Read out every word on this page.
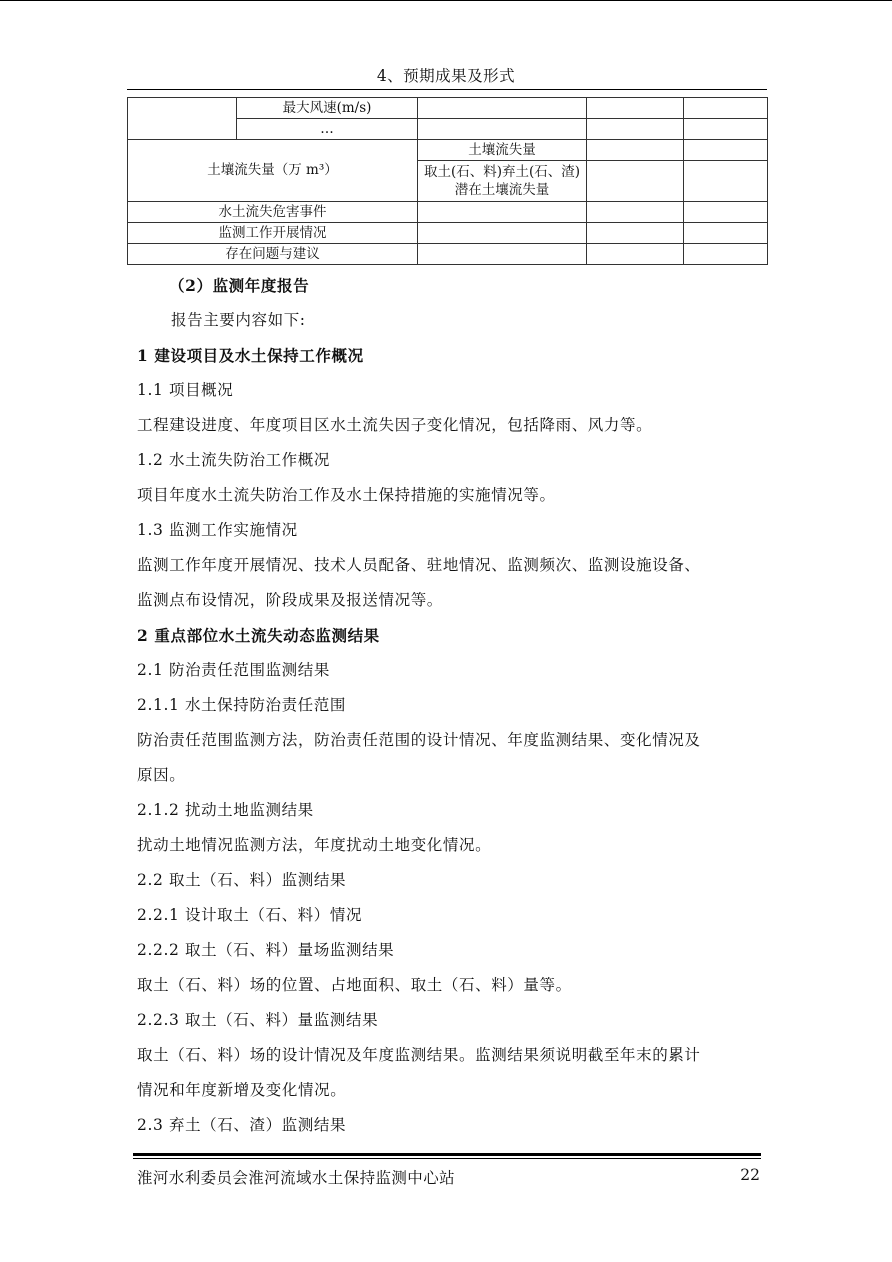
4、预期成果及形式
	最大风速(m/s)			
	…			
土壤流失量（万 m³）		土壤流失量		
		取土(石、料)弃土(石、渣)潜在土壤流失量		
水土流失危害事件				
监测工作开展情况				
存在问题与建议				
（2）监测年度报告
报告主要内容如下:
1 建设项目及水土保持工作概况
1.1 项目概况
工程建设进度、年度项目区水土流失因子变化情况，包括降雨、风力等。
1.2 水土流失防治工作概况
项目年度水土流失防治工作及水土保持措施的实施情况等。
1.3 监测工作实施情况
监测工作年度开展情况、技术人员配备、驻地情况、监测频次、监测设施设备、
监测点布设情况，阶段成果及报送情况等。
2 重点部位水土流失动态监测结果
2.1 防治责任范围监测结果
2.1.1 水土保持防治责任范围
防治责任范围监测方法，防治责任范围的设计情况、年度监测结果、变化情况及
原因。
2.1.2 扰动土地监测结果
扰动土地情况监测方法，年度扰动土地变化情况。
2.2 取土（石、料）监测结果
2.2.1 设计取土（石、料）情况
2.2.2 取土（石、料）量场监测结果
取土（石、料）场的位置、占地面积、取土（石、料）量等。
2.2.3 取土（石、料）量监测结果
取土（石、料）场的设计情况及年度监测结果。监测结果须说明截至年末的累计
情况和年度新增及变化情况。
2.3 弃土（石、渣）监测结果
淮河水利委员会淮河流域水土保持监测中心站	22
